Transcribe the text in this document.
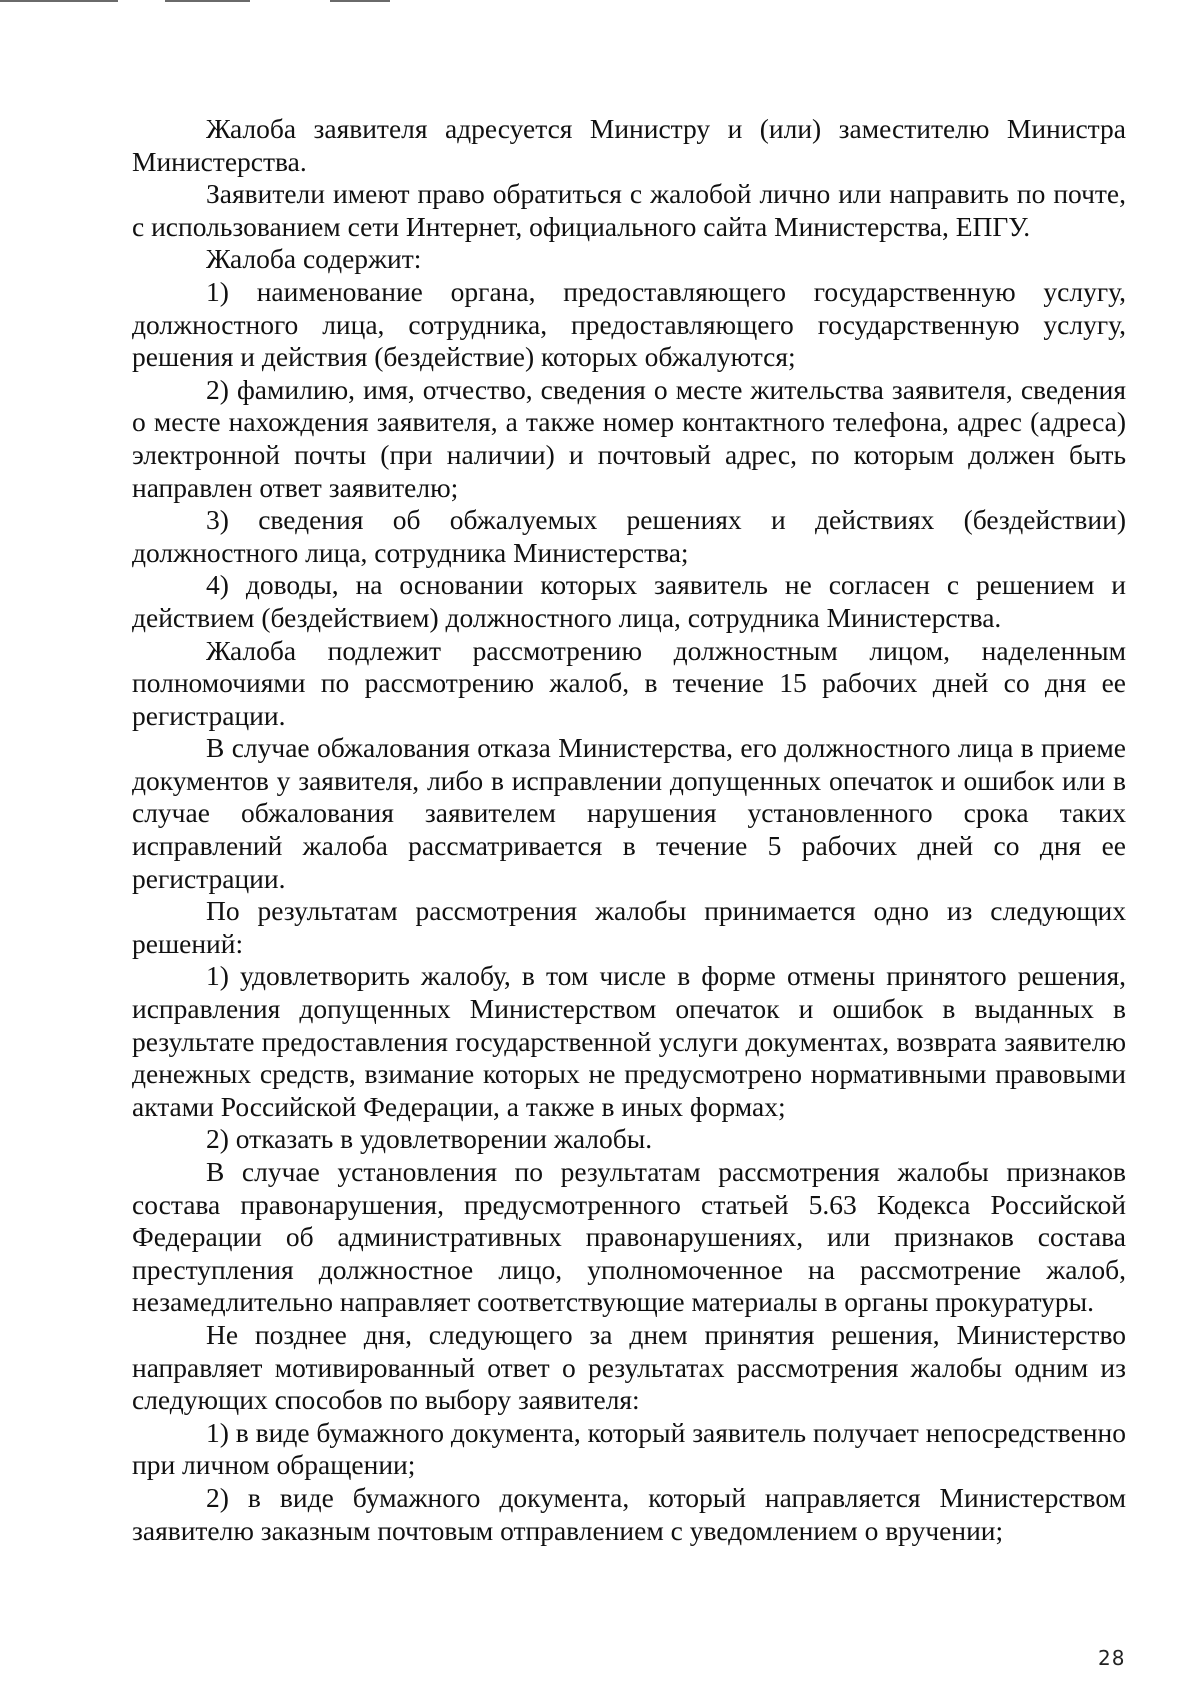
Жалоба заявителя адресуется Министру и (или) заместителю Министра Министерства.

Заявители имеют право обратиться с жалобой лично или направить по почте, с использованием сети Интернет, официального сайта Министерства, ЕПГУ.

Жалоба содержит:

1) наименование органа, предоставляющего государственную услугу, должностного лица, сотрудника, предоставляющего государственную услугу, решения и действия (бездействие) которых обжалуются;

2) фамилию, имя, отчество, сведения о месте жительства заявителя, сведения о месте нахождения заявителя, а также номер контактного телефона, адрес (адреса) электронной почты (при наличии) и почтовый адрес, по которым должен быть направлен ответ заявителю;

3) сведения об обжалуемых решениях и действиях (бездействии) должностного лица, сотрудника Министерства;

4) доводы, на основании которых заявитель не согласен с решением и действием (бездействием) должностного лица, сотрудника Министерства.

Жалоба подлежит рассмотрению должностным лицом, наделенным полномочиями по рассмотрению жалоб, в течение 15 рабочих дней со дня ее регистрации.

В случае обжалования отказа Министерства, его должностного лица в приеме документов у заявителя, либо в исправлении допущенных опечаток и ошибок или в случае обжалования заявителем нарушения установленного срока таких исправлений жалоба рассматривается в течение 5 рабочих дней со дня ее регистрации.

По результатам рассмотрения жалобы принимается одно из следующих решений:

1) удовлетворить жалобу, в том числе в форме отмены принятого решения, исправления допущенных Министерством опечаток и ошибок в выданных в результате предоставления государственной услуги документах, возврата заявителю денежных средств, взимание которых не предусмотрено нормативными правовыми актами Российской Федерации, а также в иных формах;

2) отказать в удовлетворении жалобы.

В случае установления по результатам рассмотрения жалобы признаков состава правонарушения, предусмотренного статьей 5.63 Кодекса Российской Федерации об административных правонарушениях, или признаков состава преступления должностное лицо, уполномоченное на рассмотрение жалоб, незамедлительно направляет соответствующие материалы в органы прокуратуры.

Не позднее дня, следующего за днем принятия решения, Министерство направляет мотивированный ответ о результатах рассмотрения жалобы одним из следующих способов по выбору заявителя:

1) в виде бумажного документа, который заявитель получает непосредственно при личном обращении;

2) в виде бумажного документа, который направляется Министерством заявителю заказным почтовым отправлением с уведомлением о вручении;

28
